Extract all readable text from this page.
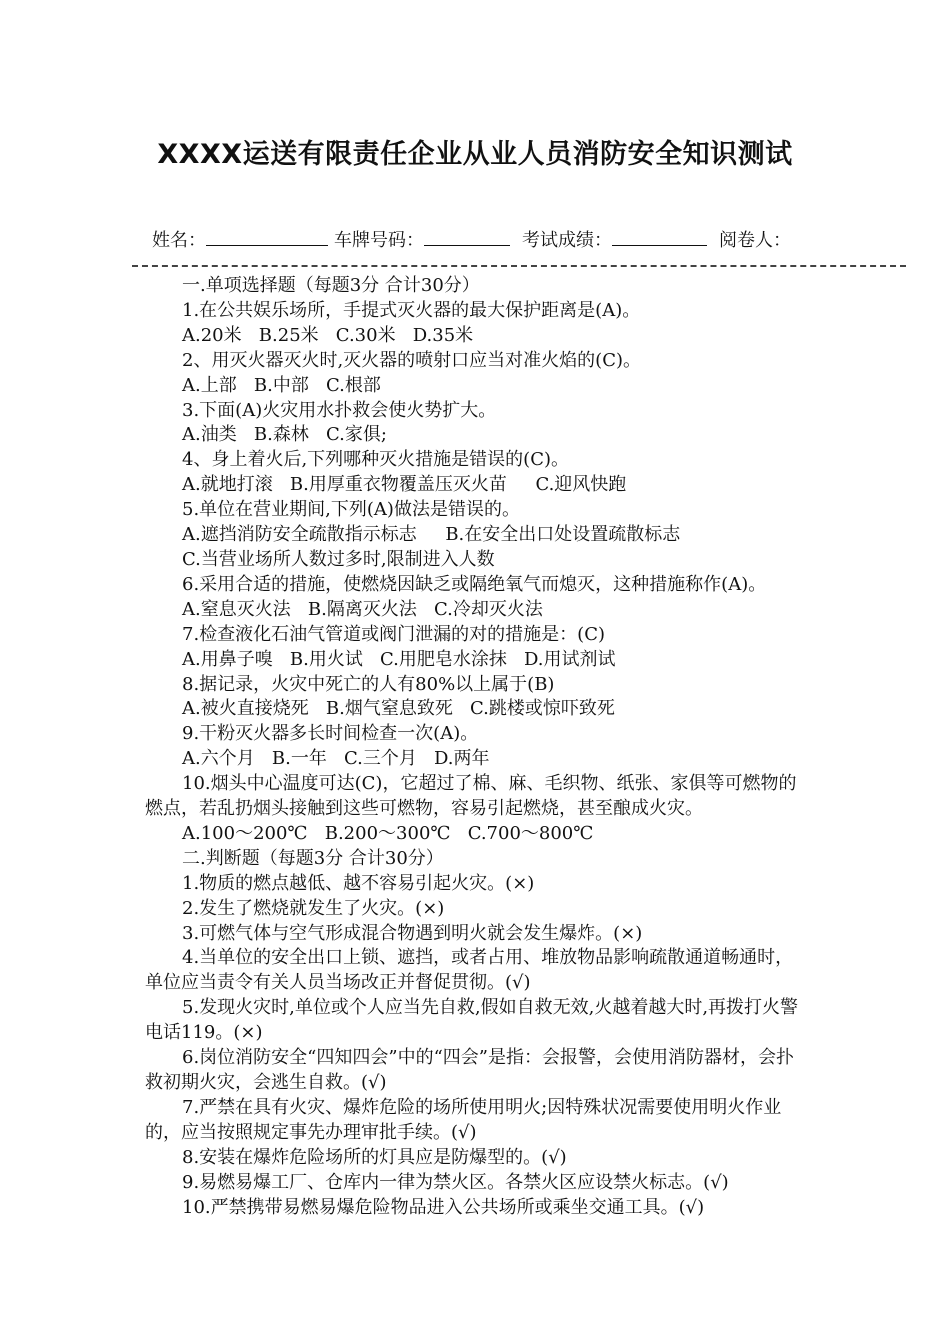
XXXX运送有限责任企业从业人员消防安全知识测试
姓名：	车牌号码：	考试成绩：	阅卷人：
一.单项选择题（每题3分 合计30分）
1.在公共娱乐场所，手提式灭火器的最大保护距离是(A)。
A.20米   B.25米   C.30米   D.35米
2、用灭火器灭火时,灭火器的喷射口应当对准火焰的(C)。
A.上部   B.中部   C.根部
3.下面(A)火灾用水扑救会使火势扩大。
A.油类   B.森林   C.家俱;
4、身上着火后,下列哪种灭火措施是错误的(C)。
A.就地打滚   B.用厚重衣物覆盖压灭火苗     C.迎风快跑
5.单位在营业期间,下列(A)做法是错误的。
A.遮挡消防安全疏散指示标志     B.在安全出口处设置疏散标志
C.当营业场所人数过多时,限制进入人数
6.采用合适的措施，使燃烧因缺乏或隔绝氧气而熄灭，这种措施称作(A)。
A.窒息灭火法   B.隔离灭火法   C.冷却灭火法
7.检查液化石油气管道或阀门泄漏的对的措施是：(C)
A.用鼻子嗅   B.用火试   C.用肥皂水涂抹   D.用试剂试
8.据记录，火灾中死亡的人有80%以上属于(B)
A.被火直接烧死   B.烟气窒息致死   C.跳楼或惊吓致死
9.干粉灭火器多长时间检查一次(A)。
A.六个月   B.一年   C.三个月   D.两年
10.烟头中心温度可达(C)，它超过了棉、麻、毛织物、纸张、家俱等可燃物的燃点，若乱扔烟头接触到这些可燃物，容易引起燃烧，甚至酿成火灾。
A.100～200℃   B.200～300℃   C.700～800℃
二.判断题（每题3分 合计30分）
1.物质的燃点越低、越不容易引起火灾。(×)
2.发生了燃烧就发生了火灾。(×)
3.可燃气体与空气形成混合物遇到明火就会发生爆炸。(×)
4.当单位的安全出口上锁、遮挡，或者占用、堆放物品影响疏散通道畅通时，单位应当责令有关人员当场改正并督促贯彻。(√)
5.发现火灾时,单位或个人应当先自救,假如自救无效,火越着越大时,再拨打火警电话119。(×)
6.岗位消防安全“四知四会”中的“四会”是指：会报警，会使用消防器材，会扑救初期火灾，会逃生自救。(√)
7.严禁在具有火灾、爆炸危险的场所使用明火;因特殊状况需要使用明火作业的，应当按照规定事先办理审批手续。(√)
8.安装在爆炸危险场所的灯具应是防爆型的。(√)
9.易燃易爆工厂、仓库内一律为禁火区。各禁火区应设禁火标志。(√)
10.严禁携带易燃易爆危险物品进入公共场所或乘坐交通工具。(√)
